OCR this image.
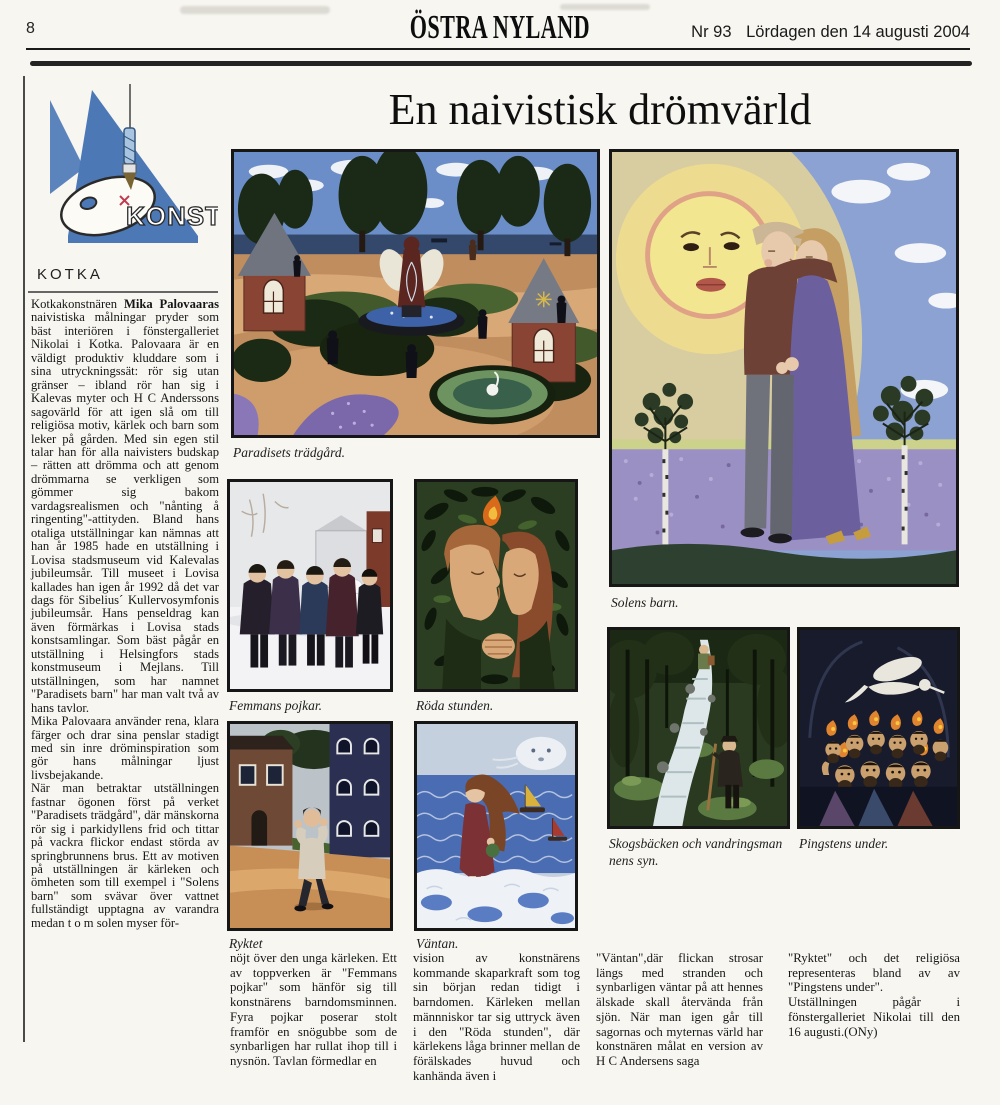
8	ÖSTRA NYLAND	Nr 93 Lördagen den 14 augusti 2004
KONST
KOTKA
En naivistisk drömvärld

Kotkakonstnären Mika Palovaaras naivistiska målningar pryder som bäst interiören i fönstergalleriet Nikolai i Kotka. Palovaara är en väldigt produktiv kluddare som i sina utryckningssät: rör sig utan gränser – ibland rör han sig i Kalevas myter och H C Anderssons sagovärld för att igen slå om till religiösa motiv, kärlek och barn som leker på gården. Med sin egen stil talar han för alla naivisters budskap – rätten att drömma och att genom drömmarna se verkligen som gömmer sig bakom vardagsrealismen och "nånting å ringenting"-attityden. Bland hans otaliga utställningar kan nämnas att han år 1985 hade en utställning i Lovisa stadsmuseum vid Kalevalas jubileumsår. Till museet i Lovisa kallades han igen år 1992 då det var dags för Sibelius´ Kullervosymfonis jubileumsår. Hans penseldrag kan även förmärkas i Lovisa stads konstsamlingar. Som bäst pågår en utställning i Helsingfors stads konstmuseum i Mejlans. Till utställningen, som har namnet "Paradisets barn" har man valt två av hans tavlor.

Mika Palovaara använder rena, klara färger och drar sina penslar stadigt med sin inre dröminspiration som gör hans målningar ljust livsbejakande.

När man betraktar utställningen fastnar ögonen först på verket "Paradisets trädgård", där mänskorna rör sig i parkidyllens frid och tittar på vackra flickor endast störda av springbrunnens brus. Ett av motiven på utställningen är kärleken och ömheten som till exempel i "Solens barn" som svävar över vattnet fullständigt upptagna av varandra medan t o m solen myser för-

Paradisets trädgård.
Solens barn.
Femmans pojkar.	Röda stunden.
Ryktet	Väntan.
Skogsbäcken och vandringsman
nens syn.
Pingstens under.

nöjt över den unga kärleken. Ett av toppverken är "Femmans pojkar" som hänför sig till konstnärens barndomsminnen. Fyra pojkar poserar stolt framför en snögubbe som de synbarligen har rullat ihop till i nysnön. Tavlan förmedlar en

vision av konstnärens kommande skaparkraft som tog sin början redan tidigt i barndomen. Kärleken mellan männniskor tar sig uttryck även i den "Röda stunden", där kärlekens låga brinner mellan de förälskades huvud och kanhända även i

"Väntan",där flickan strosar längs med stranden och synbarligen väntar på att hennes älskade skall återvända från sjön. När man igen går till sagornas och myternas värld har konstnären målat en version av H C Andersens saga

"Ryktet" och det religiösa representeras bland av av "Pingstens under".

Utställningen pågår i fönstergalleriet Nikolai till den 16 augusti.(ONy)
